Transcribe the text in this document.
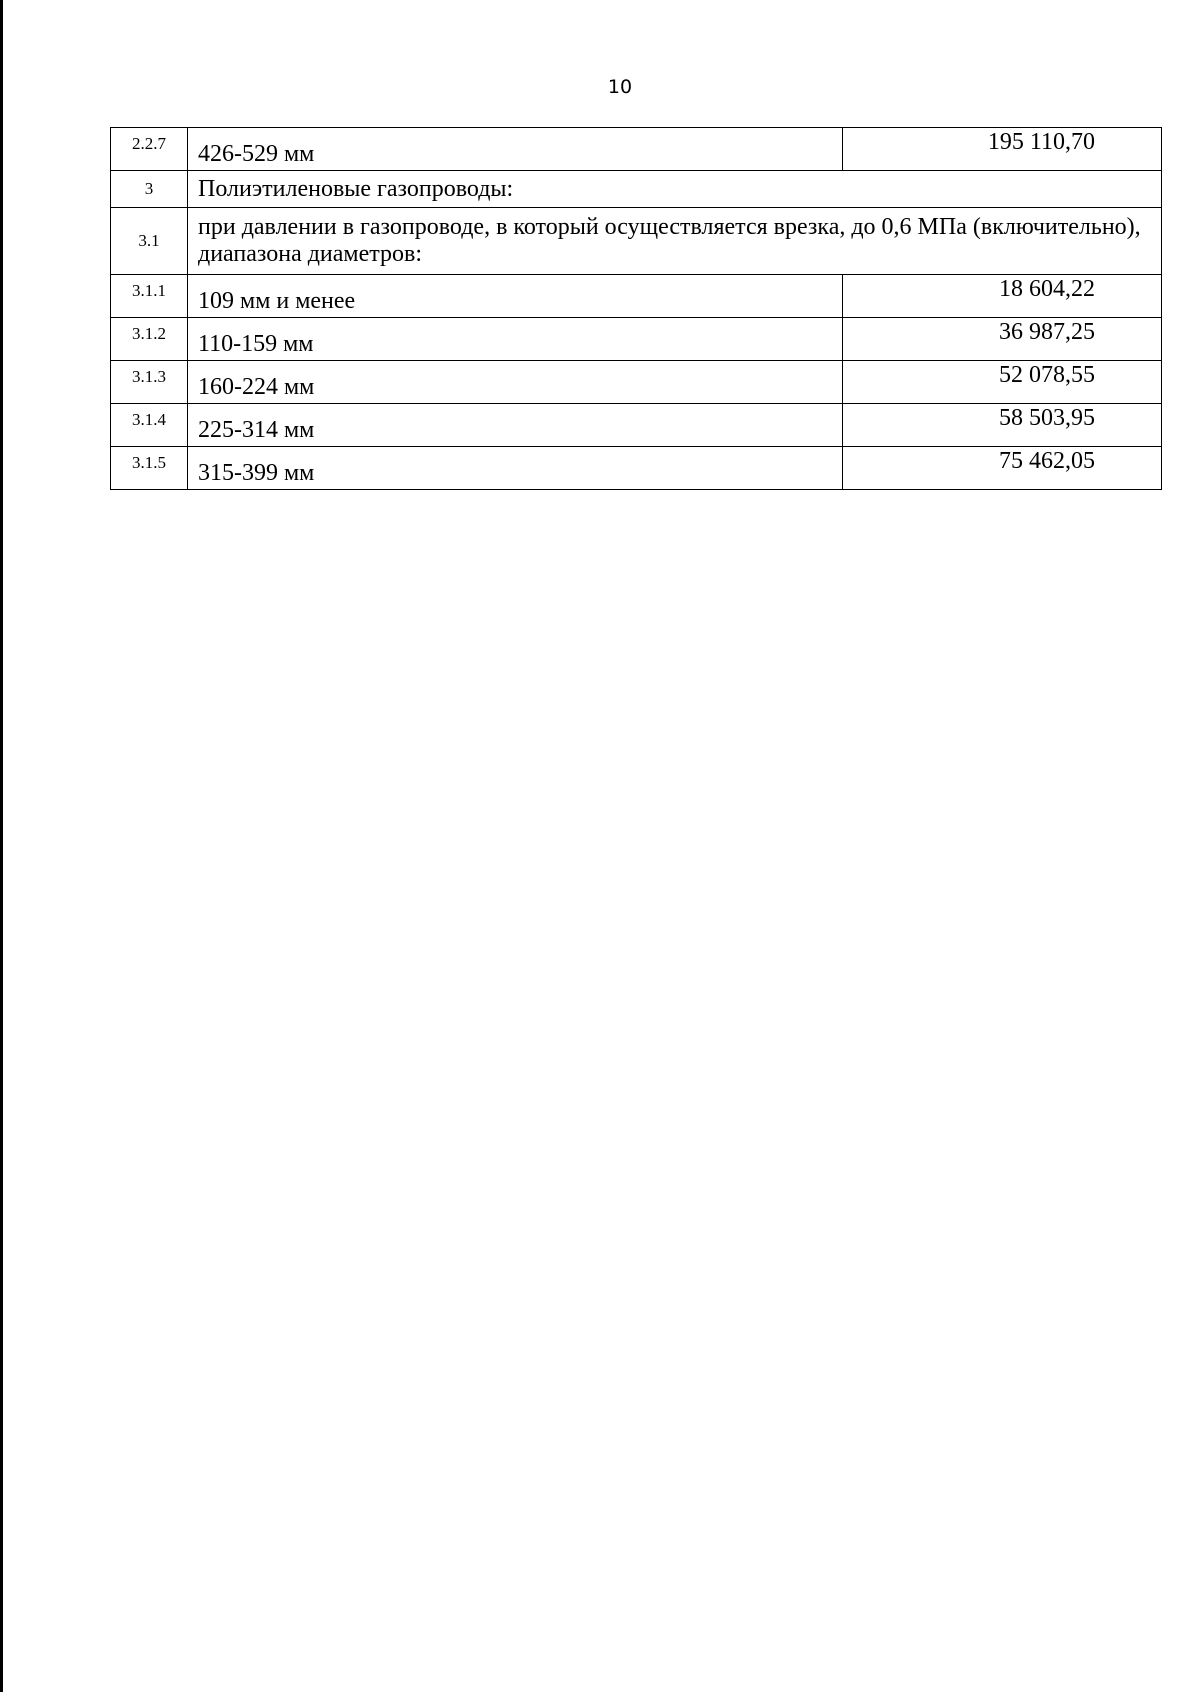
10
2.2.7	426-529 мм	195 110,70
3	Полиэтиленовые газопроводы:	
3.1	при давлении в газопроводе, в который осуществляется врезка, до 0,6 МПа (включительно), диапазона диаметров:	
3.1.1	109 мм и менее	18 604,22
3.1.2	110-159 мм	36 987,25
3.1.3	160-224 мм	52 078,55
3.1.4	225-314 мм	58 503,95
3.1.5	315-399 мм	75 462,05
